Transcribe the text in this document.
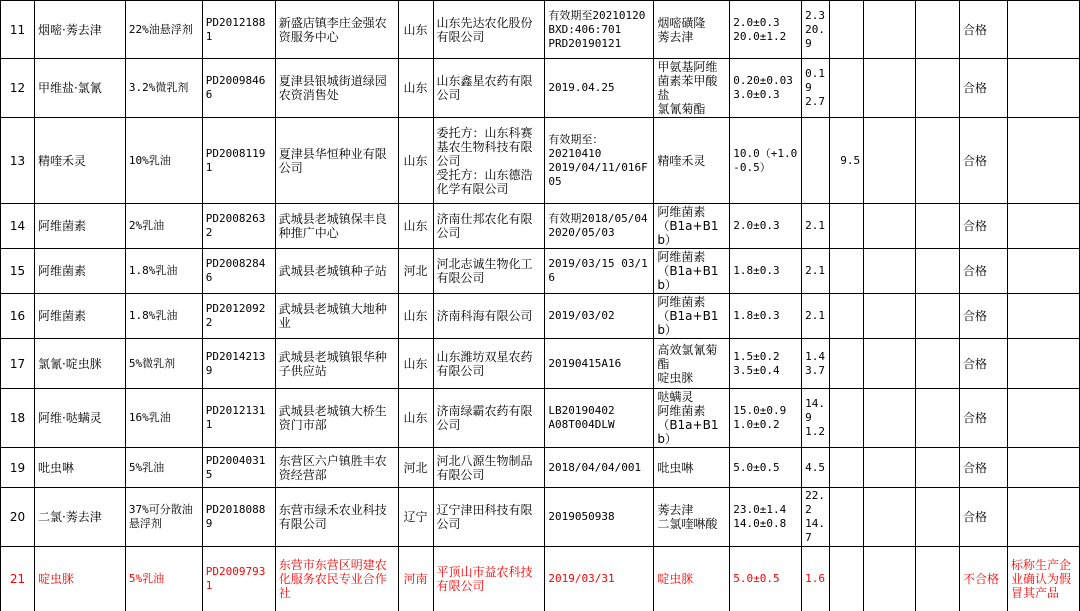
11	烟嘧·莠去津	22%油悬浮剂	PD20121881	新盛店镇李庄金强农资服务中心	山东	山东先达农化股份有限公司	有效期至20210120
BXD:406:701
PRD20190121	烟嘧磺隆
莠去津	2.0±0.3
20.0±1.2	2.3
20.9				合格	
12	甲维盐·氯氰	3.2%微乳剂	PD20098466	夏津县银城街道绿园农资消售处	山东	山东鑫星农药有限公司	2019.04.25	甲氨基阿维菌素苯甲酸盐
氯氰菊酯	0.20±0.03
3.0±0.3	0.19
2.7				合格	
13	精喹禾灵	10%乳油	PD20081191	夏津县华恒种业有限公司	山东	委托方：山东科赛基农生物科技有限公司
受托方：山东德浩化学有限公司	有效期至：
20210410
2019/04/11/016F05	精喹禾灵	10.0（+1.0
-0.5）		9.5			合格	
14	阿维菌素	2%乳油	PD20082632	武城县老城镇保丰良种推广中心	山东	济南仕邦农化有限公司	有效期2018/05/04
2020/05/03	阿维菌素
（B1a+B1b）	2.0±0.3	2.1				合格	
15	阿维菌素	1.8%乳油	PD20082846	武城县老城镇种子站	河北	河北志诚生物化工有限公司	2019/03/15 03/16	阿维菌素
（B1a+B1b）	1.8±0.3	2.1				合格	
16	阿维菌素	1.8%乳油	PD20120922	武城县老城镇大地种业	山东	济南科海有限公司	2019/03/02	阿维菌素
（B1a+B1b）	1.8±0.3	2.1				合格	
17	氯氰·啶虫脒	5%微乳剂	PD20142139	武城县老城镇银华种子供应站	山东	山东潍坊双星农药有限公司	20190415A16	高效氯氰菊酯
啶虫脒	1.5±0.2
3.5±0.4	1.4
3.7				合格	
18	阿维·哒螨灵	16%乳油	PD20121311	武城县老城镇大桥生资门市部	山东	济南绿霸农药有限公司	LB20190402
A08T004DLW	哒螨灵
阿维菌素
（B1a+B1b）	15.0±0.9
1.0±0.2	14.9
1.2				合格	
19	吡虫啉	5%乳油	PD20040315	东营区六户镇胜丰农资经营部	河北	河北八源生物制品有限公司	2018/04/04/001	吡虫啉	5.0±0.5	4.5				合格	
20	二氯·莠去津	37%可分散油悬浮剂	PD20180889	东营市绿禾农业科技有限公司	辽宁	辽宁津田科技有限公司	2019050938	莠去津
二氯喹啉酸	23.0±1.4
14.0±0.8	22.2
14.7				合格	
21	啶虫脒	5%乳油	PD20097931	东营市东营区明建农化服务农民专业合作社	河南	平顶山市益农科技有限公司	2019/03/31	啶虫脒	5.0±0.5	1.6				不合格	标称生产企业确认为假冒其产品
